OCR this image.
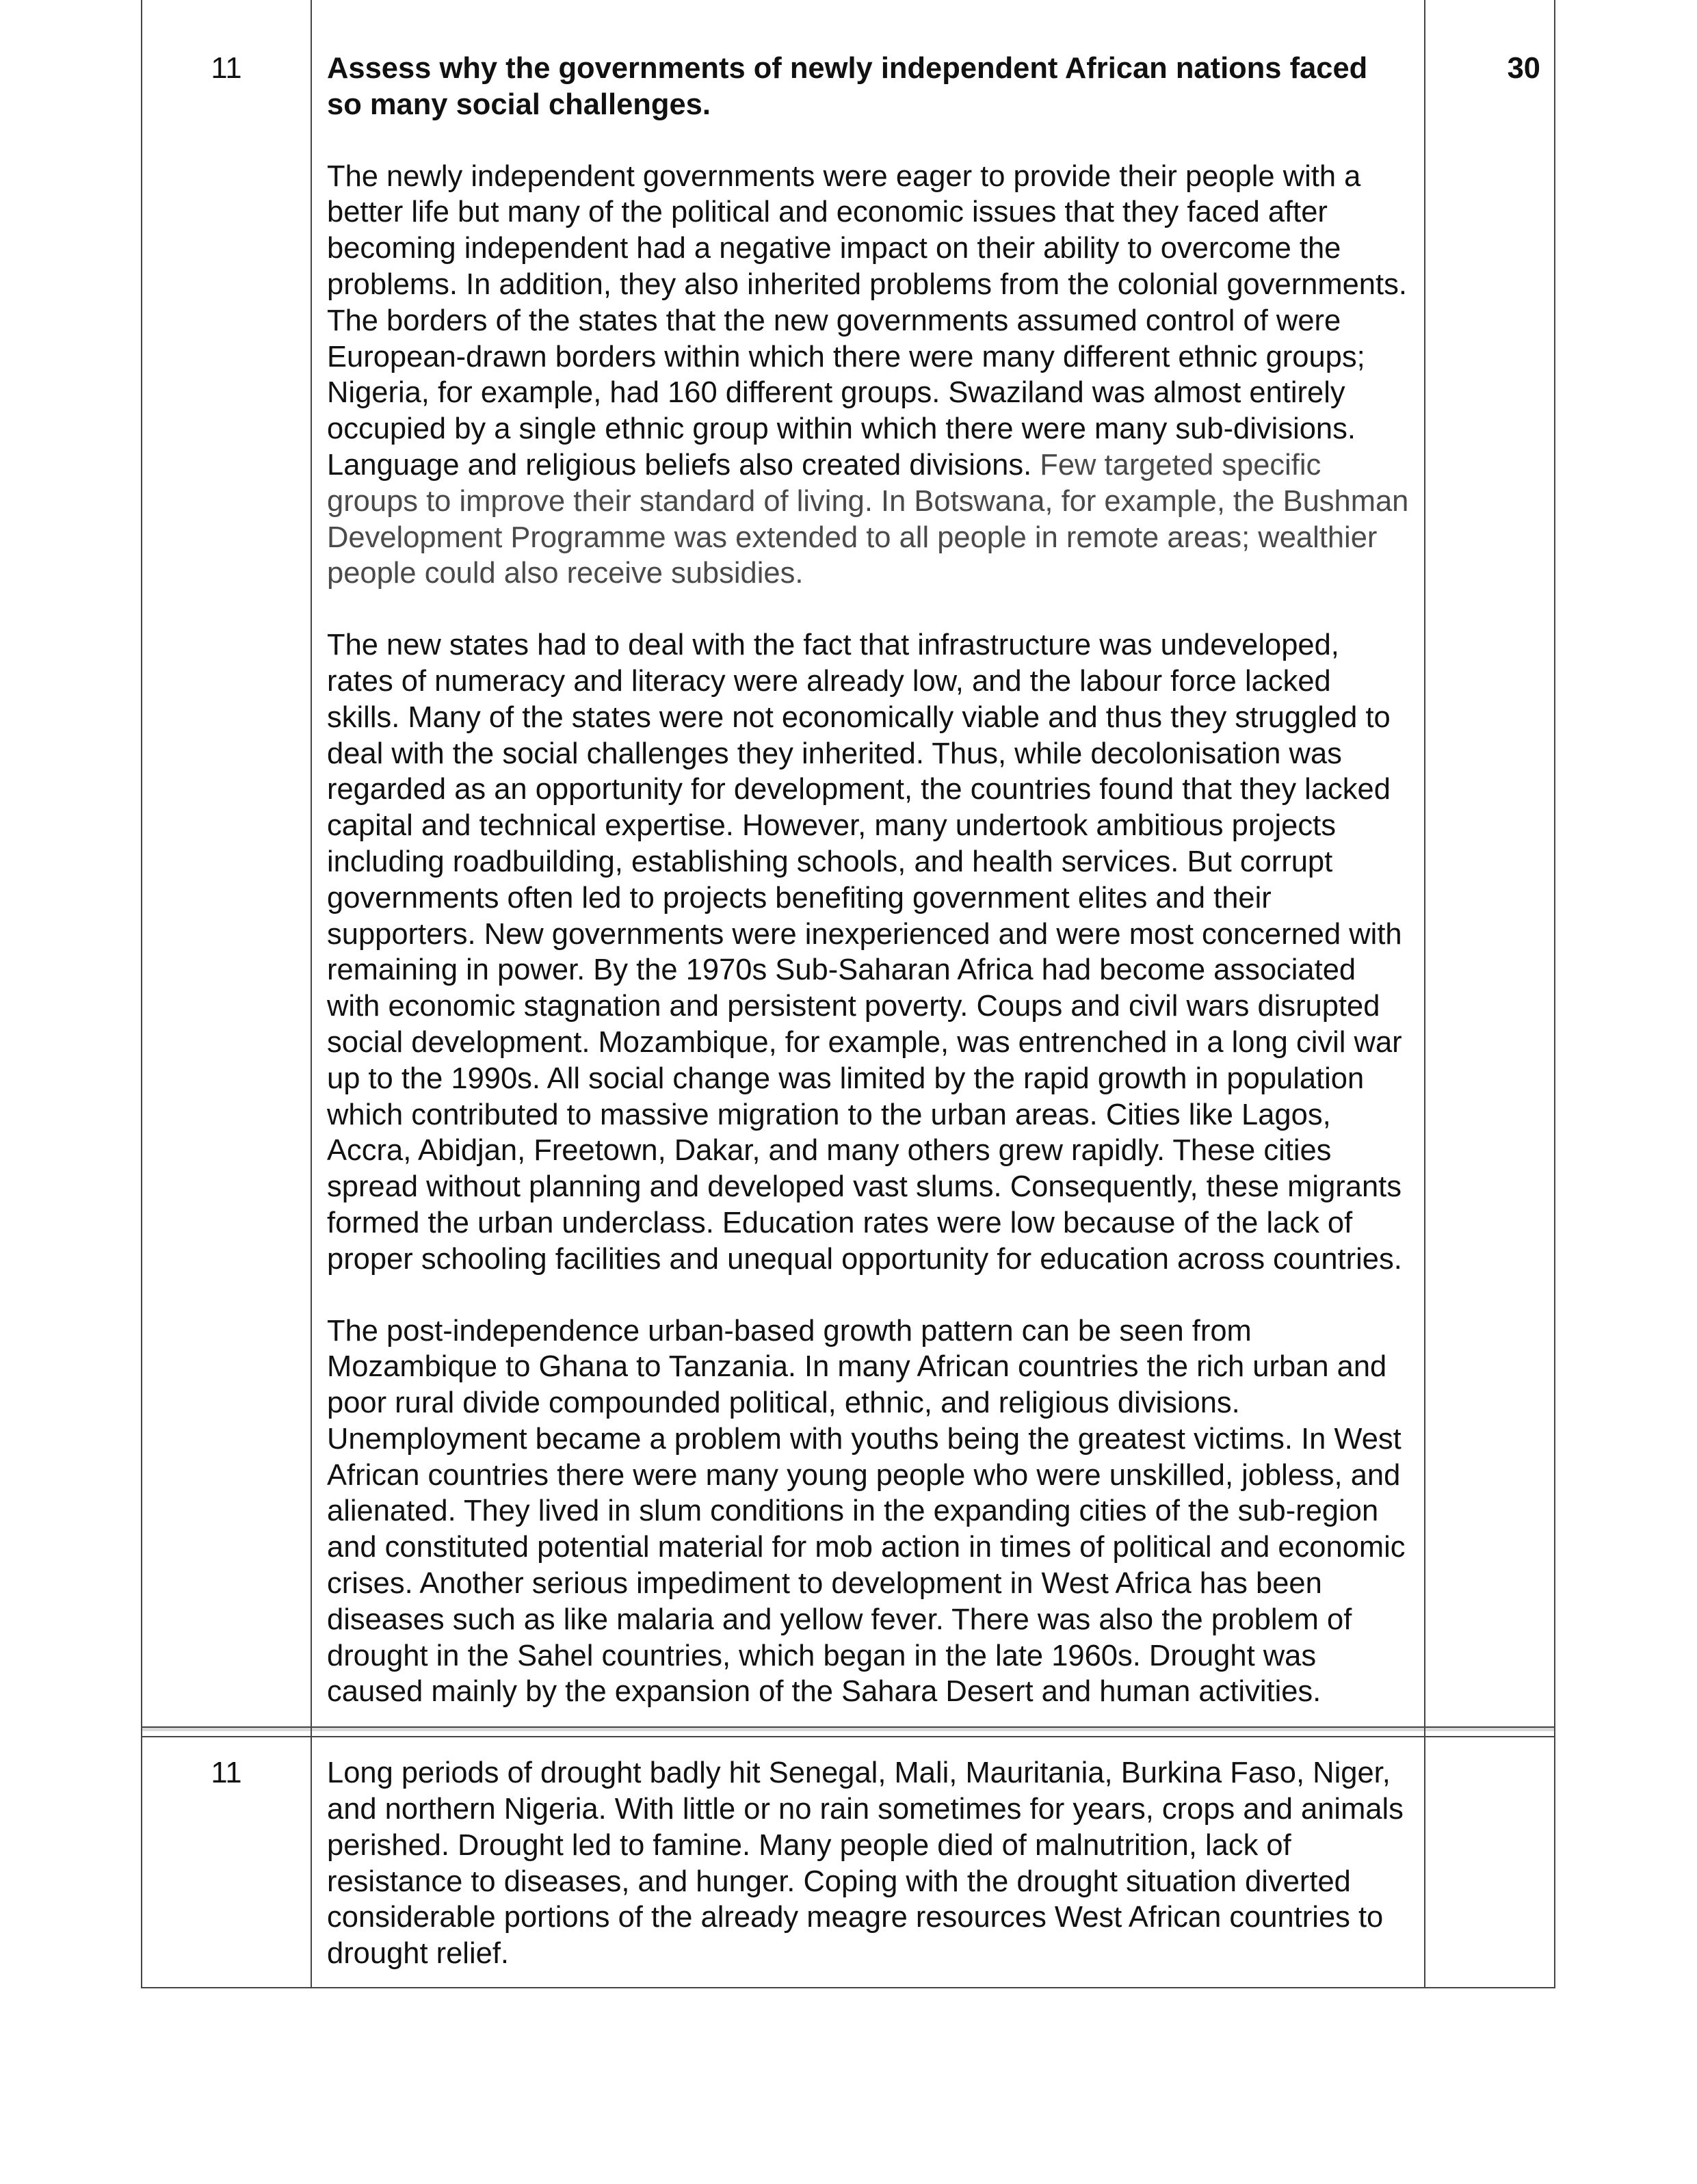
11	Assess why the governments of newly independent African nations faced so many social challenges.

The newly independent governments were eager to provide their people with a better life but many of the political and economic issues that they faced after becoming independent had a negative impact on their ability to overcome the problems. In addition, they also inherited problems from the colonial governments. The borders of the states that the new governments assumed control of were European-drawn borders within which there were many different ethnic groups; Nigeria, for example, had 160 different groups. Swaziland was almost entirely occupied by a single ethnic group within which there were many sub-divisions. Language and religious beliefs also created divisions. Few targeted specific groups to improve their standard of living. In Botswana, for example, the Bushman Development Programme was extended to all people in remote areas; wealthier people could also receive subsidies.

The new states had to deal with the fact that infrastructure was undeveloped, rates of numeracy and literacy were already low, and the labour force lacked skills. Many of the states were not economically viable and thus they struggled to deal with the social challenges they inherited. Thus, while decolonisation was regarded as an opportunity for development, the countries found that they lacked capital and technical expertise. However, many undertook ambitious projects including roadbuilding, establishing schools, and health services. But corrupt governments often led to projects benefiting government elites and their supporters. New governments were inexperienced and were most concerned with remaining in power. By the 1970s Sub-Saharan Africa had become associated with economic stagnation and persistent poverty. Coups and civil wars disrupted social development. Mozambique, for example, was entrenched in a long civil war up to the 1990s. All social change was limited by the rapid growth in population which contributed to massive migration to the urban areas. Cities like Lagos, Accra, Abidjan, Freetown, Dakar, and many others grew rapidly. These cities spread without planning and developed vast slums. Consequently, these migrants formed the urban underclass. Education rates were low because of the lack of proper schooling facilities and unequal opportunity for education across countries.

The post-independence urban-based growth pattern can be seen from Mozambique to Ghana to Tanzania. In many African countries the rich urban and poor rural divide compounded political, ethnic, and religious divisions. Unemployment became a problem with youths being the greatest victims. In West African countries there were many young people who were unskilled, jobless, and alienated. They lived in slum conditions in the expanding cities of the sub-region and constituted potential material for mob action in times of political and economic crises. Another serious impediment to development in West Africa has been diseases such as like malaria and yellow fever. There was also the problem of drought in the Sahel countries, which began in the late 1960s. Drought was caused mainly by the expansion of the Sahara Desert and human activities.	30

11	Long periods of drought badly hit Senegal, Mali, Mauritania, Burkina Faso, Niger, and northern Nigeria. With little or no rain sometimes for years, crops and animals perished. Drought led to famine. Many people died of malnutrition, lack of resistance to diseases, and hunger. Coping with the drought situation diverted considerable portions of the already meagre resources West African countries to drought relief.	
